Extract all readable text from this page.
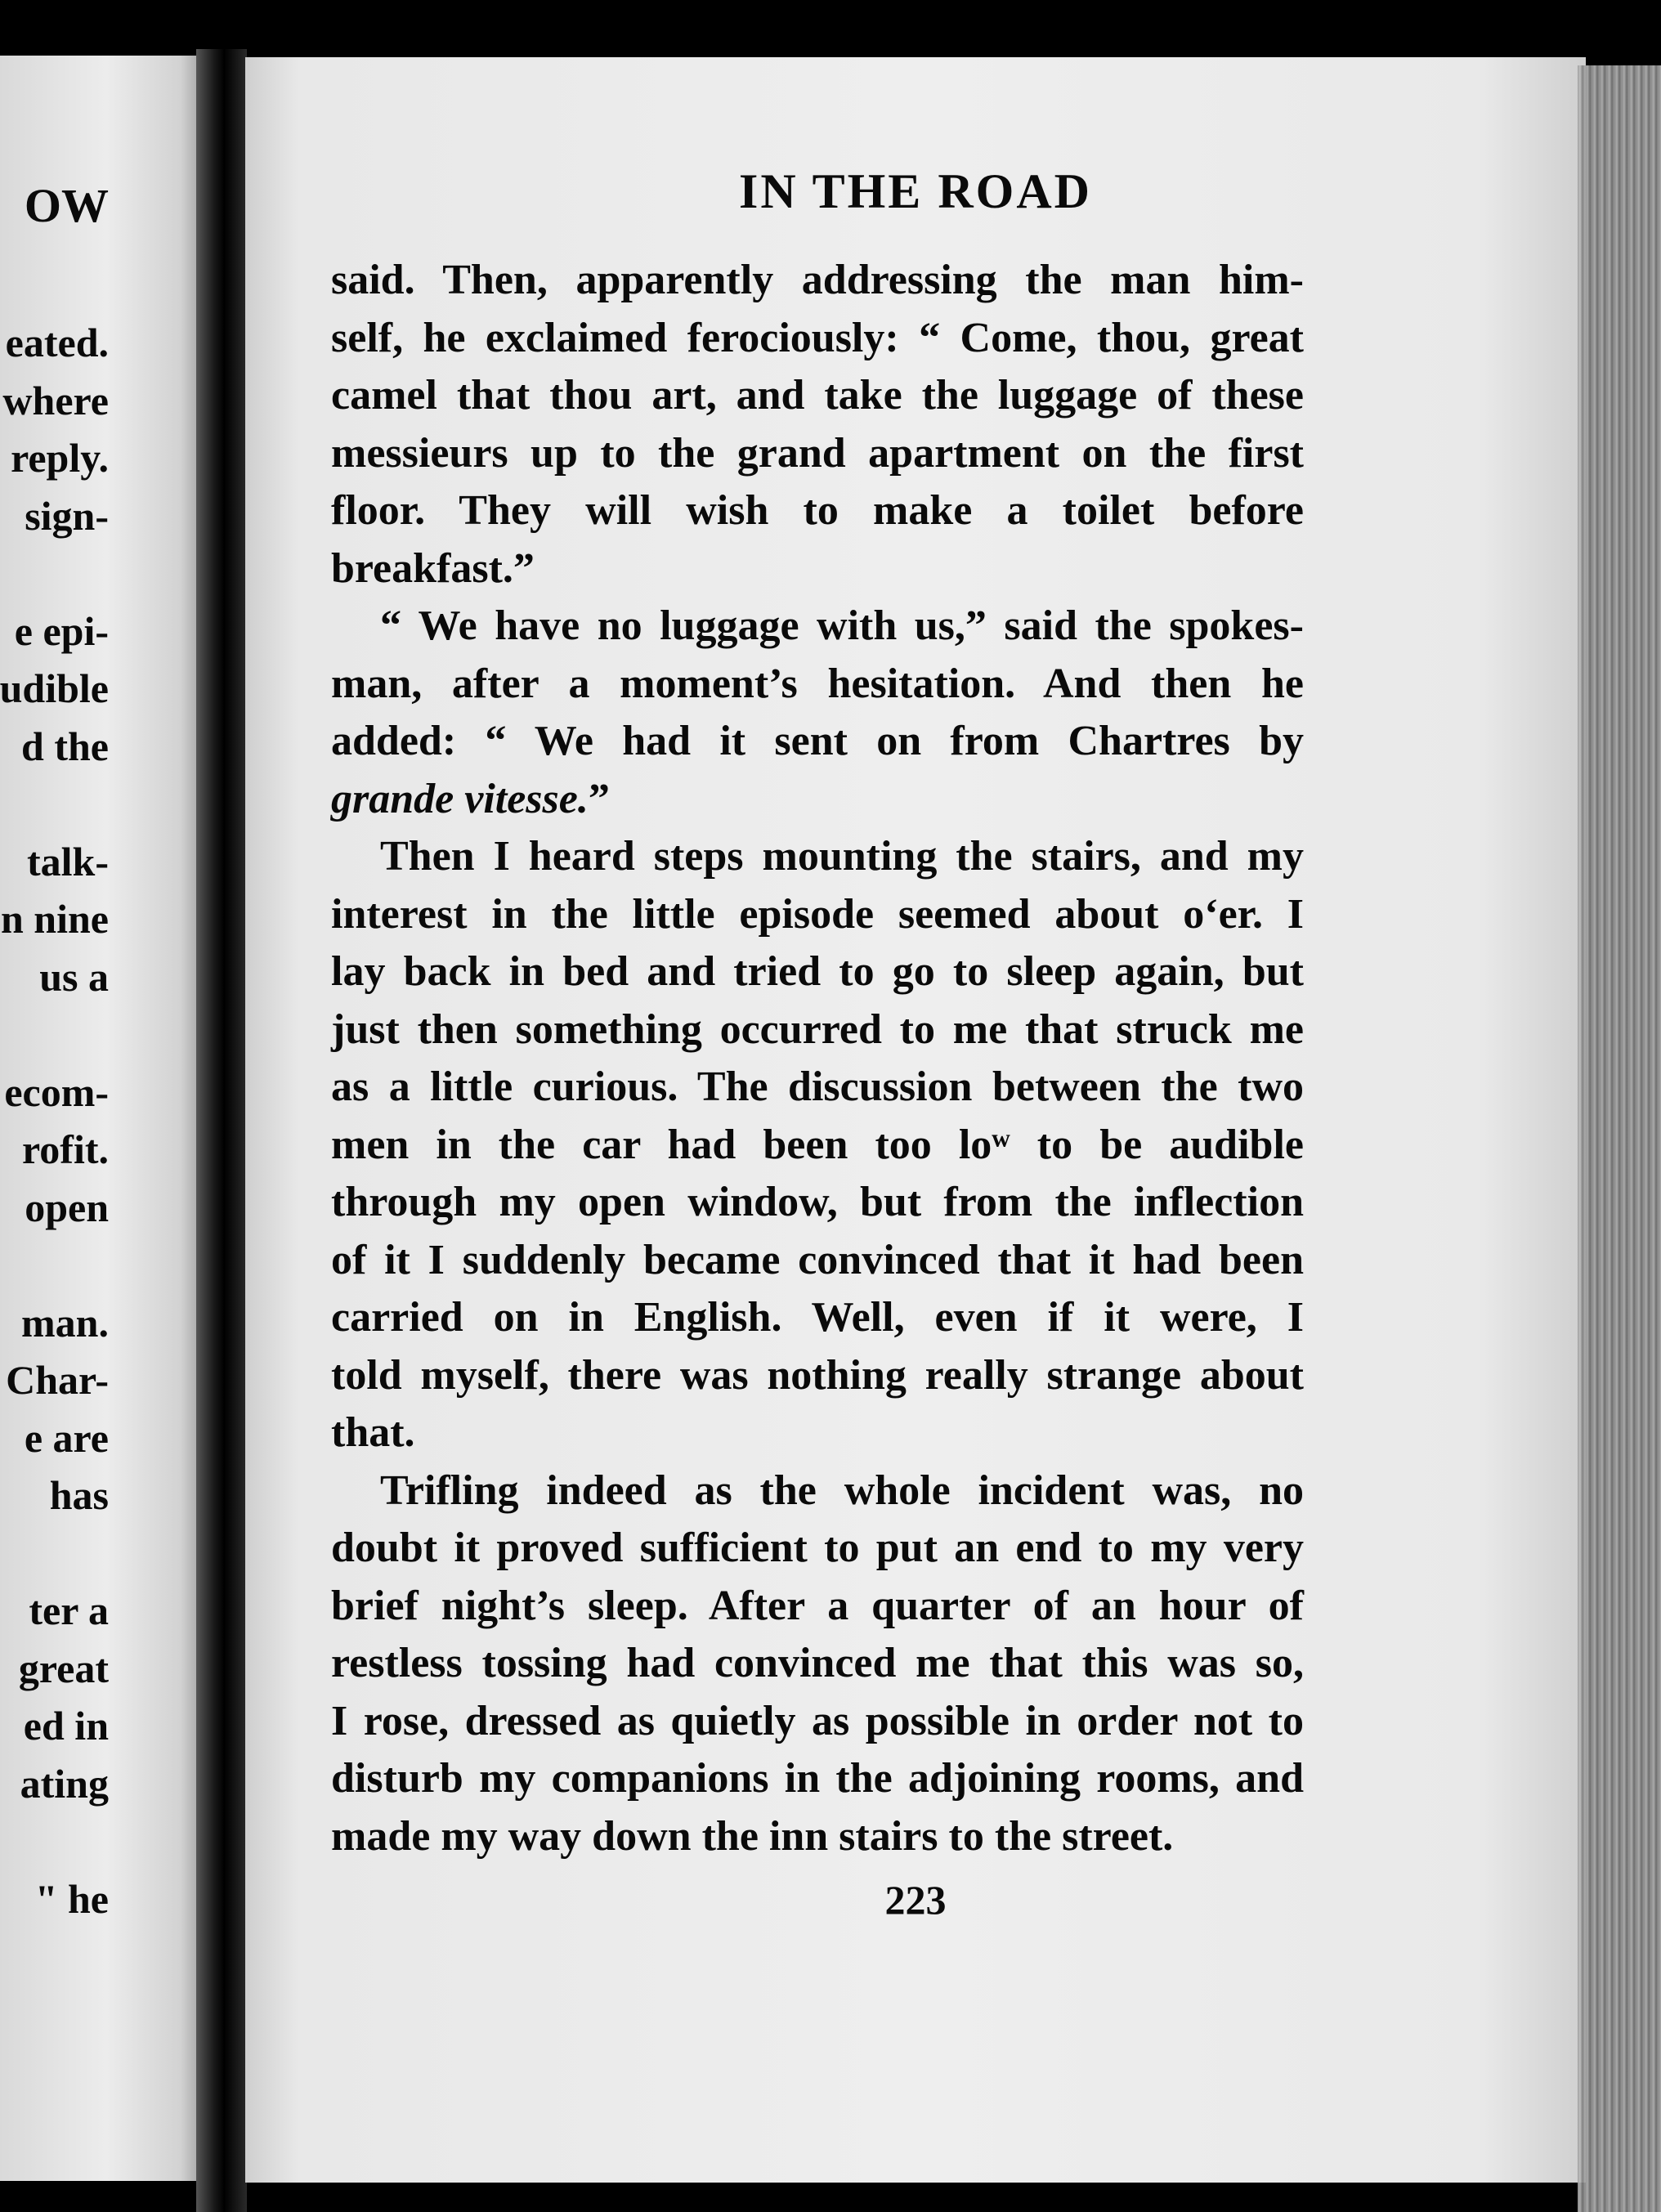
OW
eated.
where
reply.
sign-
e epi-
udible
d the
talk-
n nine
us a
ecom-
rofit.
open
man.
Char-
e are
has
ter a
great
ed in
ating
" he
IN THE ROAD
said. Then, apparently addressing the man him-
self, he exclaimed ferociously: “ Come, thou, great
camel that thou art, and take the luggage of these
messieurs up to the grand apartment on the first
floor. They will wish to make a toilet before
breakfast.”
“ We have no luggage with us,” said the spokes-
man, after a moment’s hesitation. And then he
added: “ We had it sent on from Chartres by
grande vitesse.”
Then I heard steps mounting the stairs, and my
interest in the little episode seemed about oʻer. I
lay back in bed and tried to go to sleep again, but
just then something occurred to me that struck me
as a little curious. The discussion between the two
men in the car had been too loʷ to be audible
through my open window, but from the inflection
of it I suddenly became convinced that it had been
carried on in English. Well, eᴠen if it were, I
told myself, there was nothing really strange about
that.
Trifling indeed as the whole incident was, no
doubt it proved sufficient to put an end to my very
brief night’s sleep. After a quarter of an hour of
restless tossing had convinced me that this was so,
I rose, dressed as quietly as possible in order not to
disturb my companions in the adjoining rooms, and
made my way down the inn stairs to the street.
223
